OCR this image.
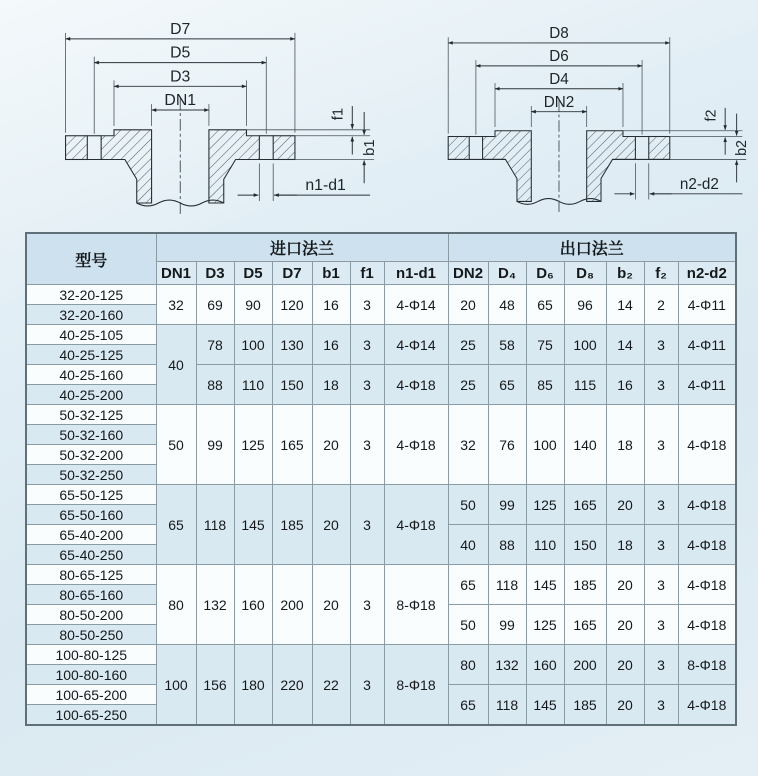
D7
D5
D3
DN1
f1
b1
n1-d1
D8
D6
D4
DN2
f2
b2
n2-d2
型号	进口法兰							出口法兰						
	DN1	D3	D5	D7	b1	f1	n1-d1	DN2	D₄	D₆	D₈	b₂	f₂	n2-d2
32-20-125	32	69	90	120	16	3	4-Φ14	20	48	65	96	14	2	4-Φ11
32-20-160														
40-25-105	40	78	100	130	16	3	4-Φ14	25	58	75	100	14	3	4-Φ11
40-25-125														
40-25-160		88	110	150	18	3	4-Φ18	25	65	85	115	16	3	4-Φ11
40-25-200														
50-32-125	50	99	125	165	20	3	4-Φ18	32	76	100	140	18	3	4-Φ18
50-32-160														
50-32-200														
50-32-250														
65-50-125	65	118	145	185	20	3	4-Φ18	50	99	125	165	20	3	4-Φ18
65-50-160														
65-40-200								40	88	110	150	18	3	4-Φ18
65-40-250														
80-65-125	80	132	160	200	20	3	8-Φ18	65	118	145	185	20	3	4-Φ18
80-65-160														
80-50-200								50	99	125	165	20	3	4-Φ18
80-50-250														
100-80-125	100	156	180	220	22	3	8-Φ18	80	132	160	200	20	3	8-Φ18
100-80-160														
100-65-200								65	118	145	185	20	3	4-Φ18
100-65-250														
